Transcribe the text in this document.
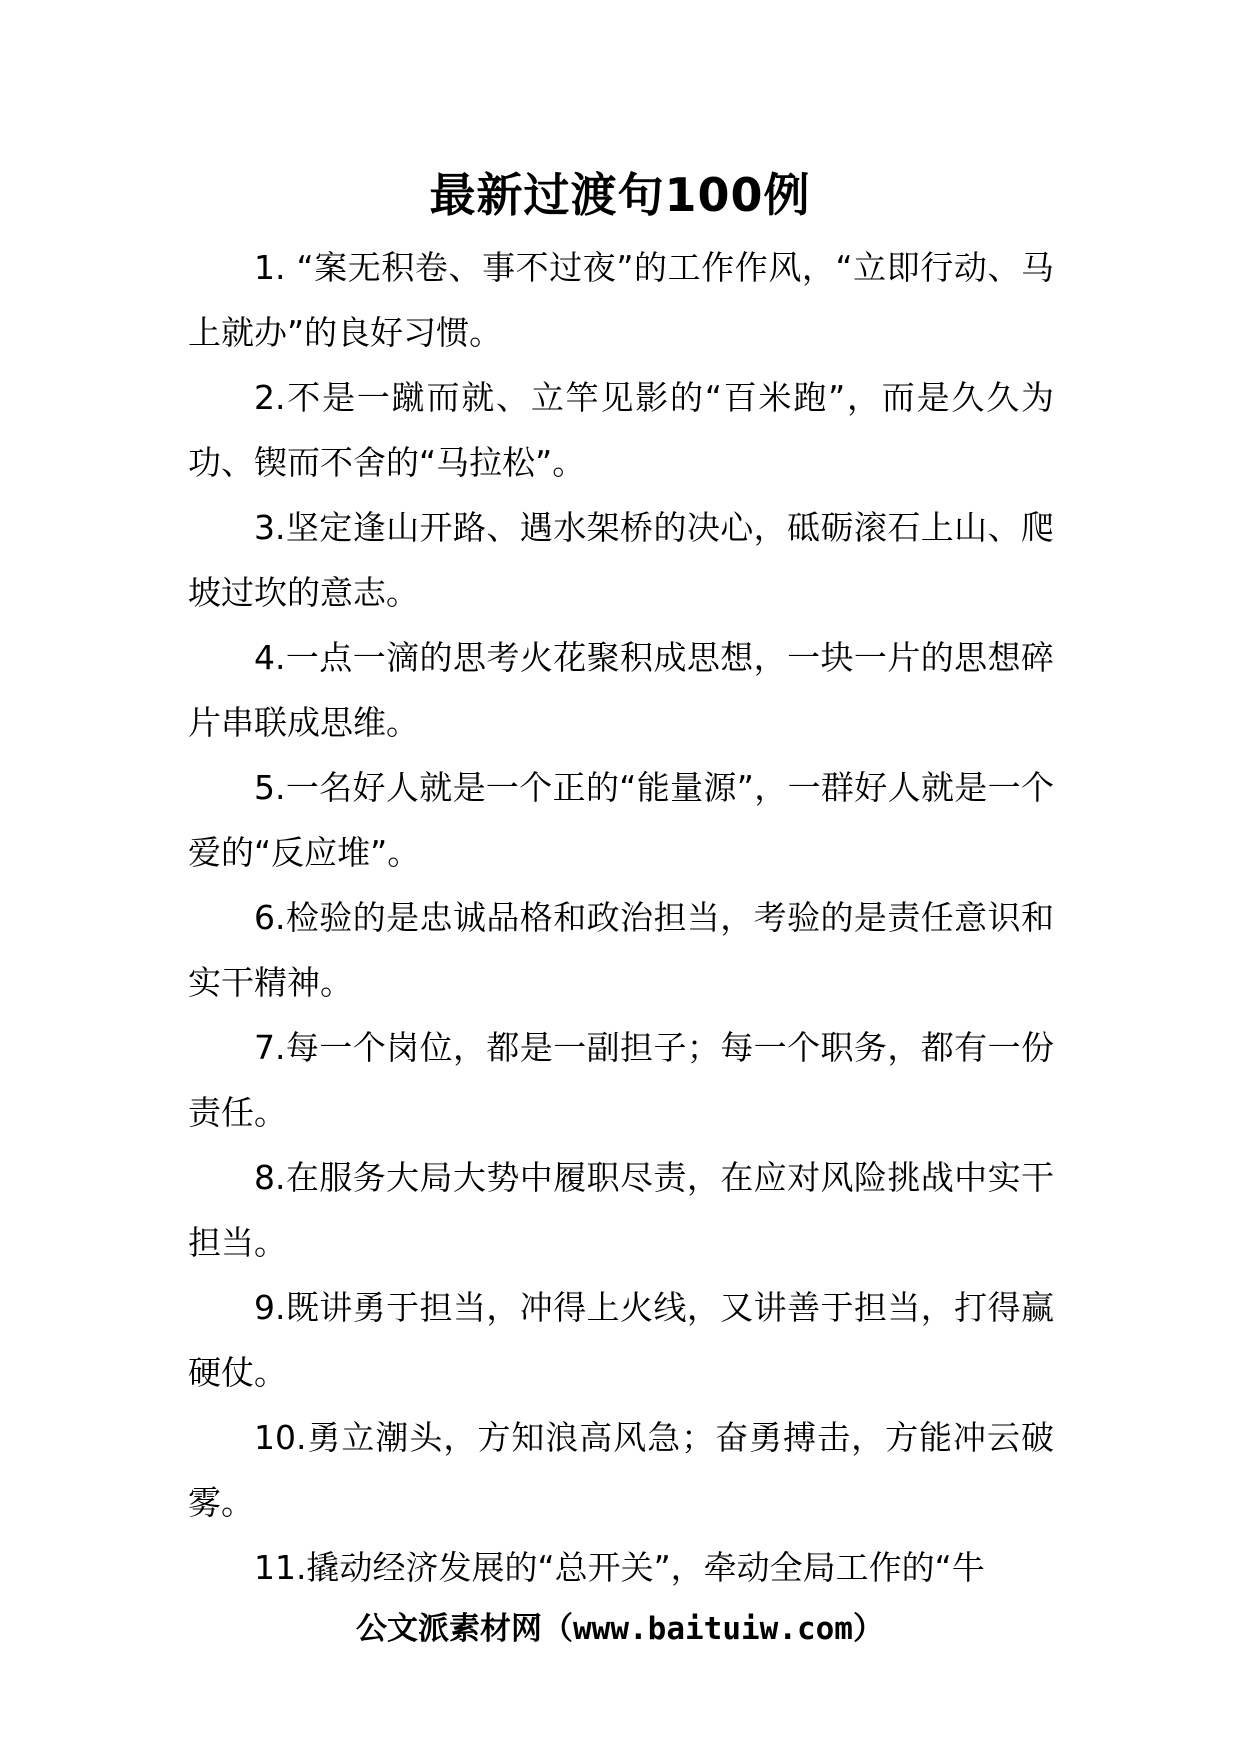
最新过渡句100例

1. “案无积卷、事不过夜”的工作作风，“立即行动、马上就办”的良好习惯。

2.不是一蹴而就、立竿见影的“百米跑”，而是久久为功、锲而不舍的“马拉松”。

3.坚定逢山开路、遇水架桥的决心，砥砺滚石上山、爬坡过坎的意志。

4.一点一滴的思考火花聚积成思想，一块一片的思想碎片串联成思维。

5.一名好人就是一个正的“能量源”，一群好人就是一个爱的“反应堆”。

6.检验的是忠诚品格和政治担当，考验的是责任意识和实干精神。

7.每一个岗位，都是一副担子；每一个职务，都有一份责任。

8.在服务大局大势中履职尽责，在应对风险挑战中实干担当。

9.既讲勇于担当，冲得上火线，又讲善于担当，打得赢硬仗。

10.勇立潮头，方知浪高风急；奋勇搏击，方能冲云破雾。

11.撬动经济发展的“总开关”，牵动全局工作的“牛

公文派素材网（www.baituiw.com）
